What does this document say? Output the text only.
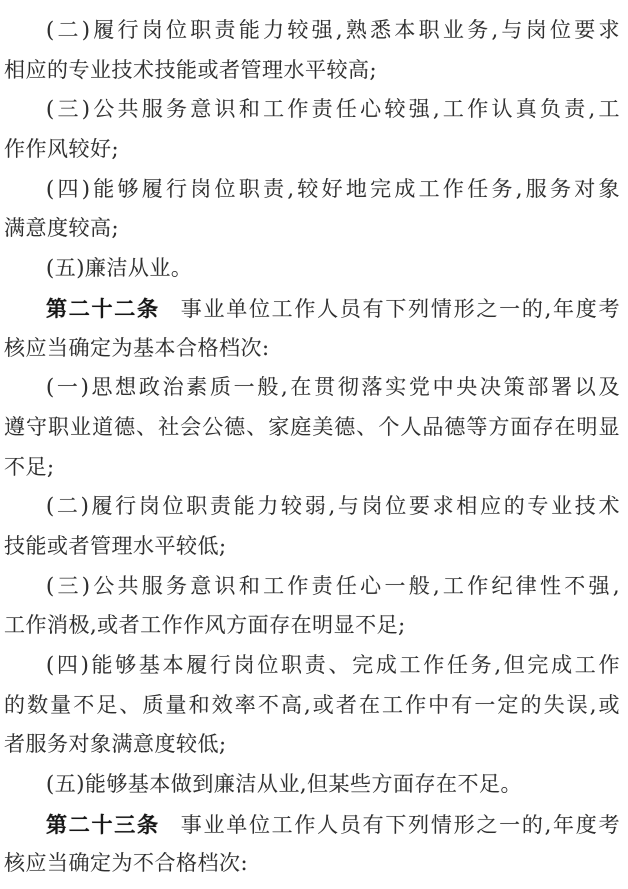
(二)履行岗位职责能力较强,熟悉本职业务,与岗位要求
相应的专业技术技能或者管理水平较高;

(三)公共服务意识和工作责任心较强,工作认真负责,工
作作风较好;

(四)能够履行岗位职责,较好地完成工作任务,服务对象
满意度较高;

(五)廉洁从业。

第二十二条 事业单位工作人员有下列情形之一的,年度考
核应当确定为基本合格档次:

(一)思想政治素质一般,在贯彻落实党中央决策部署以及
遵守职业道德、社会公德、家庭美德、个人品德等方面存在明显
不足;

(二)履行岗位职责能力较弱,与岗位要求相应的专业技术
技能或者管理水平较低;

(三)公共服务意识和工作责任心一般,工作纪律性不强,
工作消极,或者工作作风方面存在明显不足;

(四)能够基本履行岗位职责、完成工作任务,但完成工作
的数量不足、质量和效率不高,或者在工作中有一定的失误,或
者服务对象满意度较低;

(五)能够基本做到廉洁从业,但某些方面存在不足。

第二十三条 事业单位工作人员有下列情形之一的,年度考
核应当确定为不合格档次:
